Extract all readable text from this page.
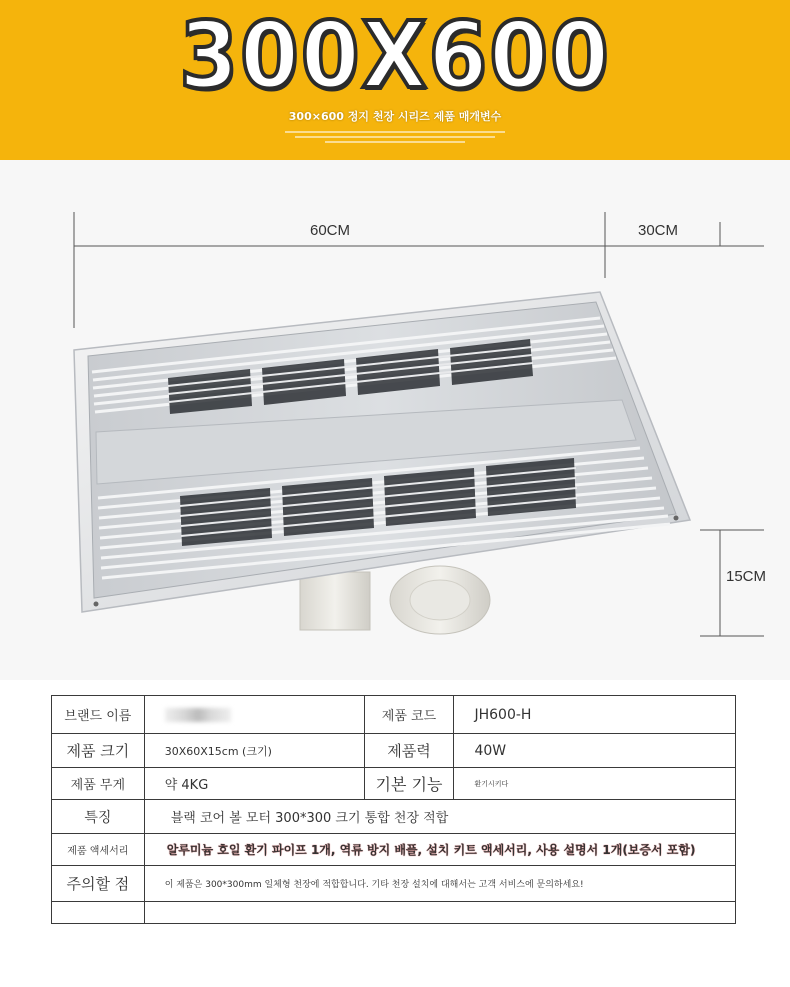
300X600
300×600 정지 천장 시리즈 제품 매개변수
60CM	30CM
15CM
브랜드 이름		제품 코드	JH600-H
제품 크기	30X60X15cm (크기)	제품력	40W
제품 무게	약 4KG	기본 기능	환기시키다
특징	블랙 코어 볼 모터 300*300 크기 통합 천장 적합		
제품 액세서리	알루미늄 호일 환기 파이프 1개, 역류 방지 배플, 설치 키트 액세서리, 사용 설명서 1개(보증서 포함)		
주의할 점	이 제품은 300*300mm 일체형 천장에 적합합니다. 기타 천장 설치에 대해서는 고객 서비스에 문의하세요!		
